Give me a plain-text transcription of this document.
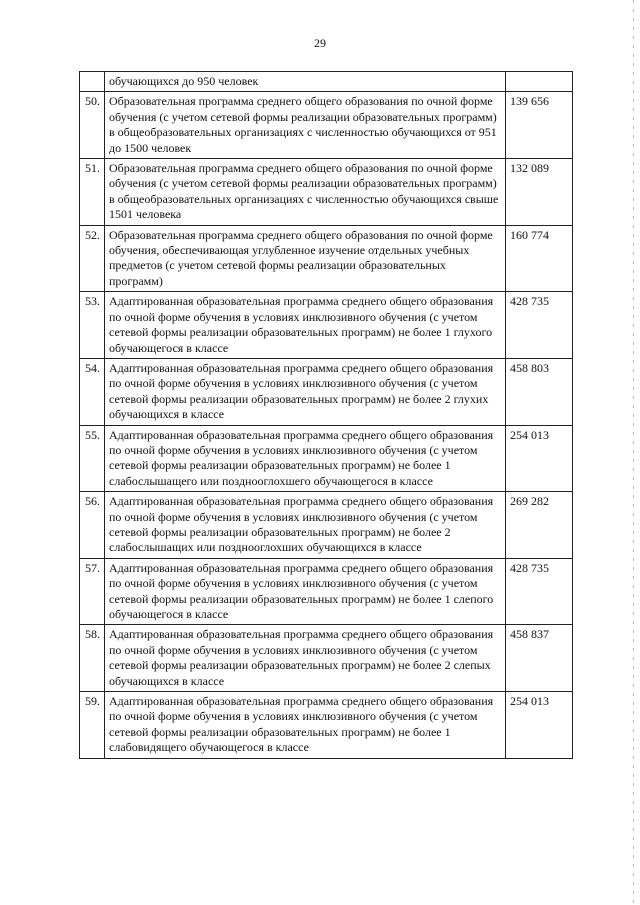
29
	обучающихся до 950 человек	
50.	Образовательная программа среднего общего образования по очной форме обучения (с учетом сетевой формы реализации образовательных программ) в общеобразовательных организациях с численностью обучающихся от 951 до 1500 человек	139 656
51.	Образовательная программа среднего общего образования по очной форме обучения (с учетом сетевой формы реализации образовательных программ) в общеобразовательных организациях с численностью обучающихся свыше 1501 человека	132 089
52.	Образовательная программа среднего общего образования по очной форме обучения, обеспечивающая углубленное изучение отдельных учебных предметов (с учетом сетевой формы реализации образовательных программ)	160 774
53.	Адаптированная образовательная программа среднего общего образования по очной форме обучения в условиях инклюзивного обучения (с учетом сетевой формы реализации образовательных программ) не более 1 глухого обучающегося в классе	428 735
54.	Адаптированная образовательная программа среднего общего образования по очной форме обучения в условиях инклюзивного обучения (с учетом сетевой формы реализации образовательных программ) не более 2 глухих обучающихся в классе	458 803
55.	Адаптированная образовательная программа среднего общего образования по очной форме обучения в условиях инклюзивного обучения (с учетом сетевой формы реализации образовательных программ) не более 1 слабослышащего или позднооглохшего обучающегося в классе	254 013
56.	Адаптированная образовательная программа среднего общего образования по очной форме обучения в условиях инклюзивного обучения (с учетом сетевой формы реализации образовательных программ) не более 2 слабослышащих или позднооглохших обучающихся в классе	269 282
57.	Адаптированная образовательная программа среднего общего образования по очной форме обучения в условиях инклюзивного обучения (с учетом сетевой формы реализации образовательных программ) не более 1 слепого обучающегося в классе	428 735
58.	Адаптированная образовательная программа среднего общего образования по очной форме обучения в условиях инклюзивного обучения (с учетом сетевой формы реализации образовательных программ) не более 2 слепых обучающихся в классе	458 837
59.	Адаптированная образовательная программа среднего общего образования по очной форме обучения в условиях инклюзивного обучения (с учетом сетевой формы реализации образовательных программ) не более 1 слабовидящего обучающегося в классе	254 013
